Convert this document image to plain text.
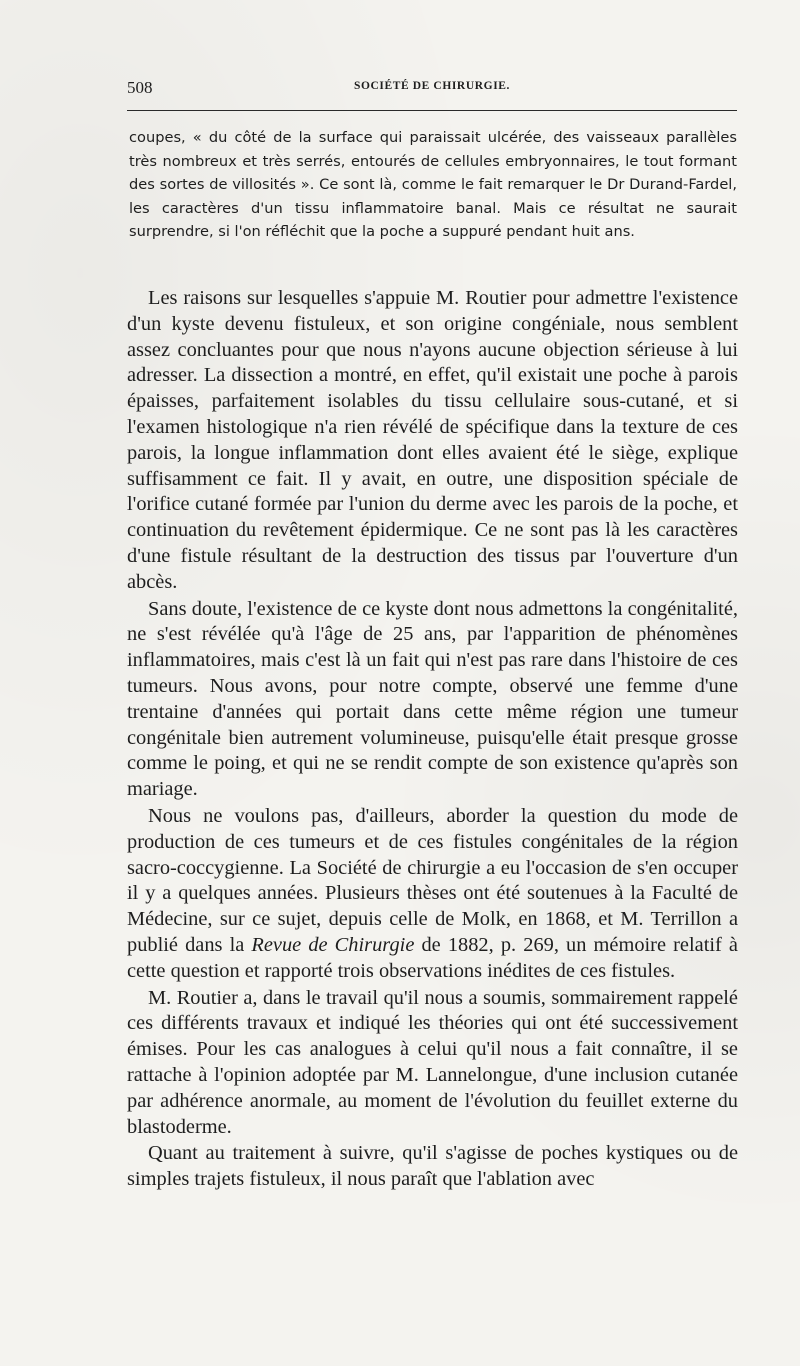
508	SOCIÉTÉ DE CHIRURGIE.

coupes, « du côté de la surface qui paraissait ulcérée, des vaisseaux parallèles très nombreux et très serrés, entourés de cellules embryonnaires, le tout formant des sortes de villosités ». Ce sont là, comme le fait remarquer le Dr Durand-Fardel, les caractères d'un tissu inflammatoire banal. Mais ce résultat ne saurait surprendre, si l'on réfléchit que la poche a suppuré pendant huit ans.

Les raisons sur lesquelles s'appuie M. Routier pour admettre l'existence d'un kyste devenu fistuleux, et son origine congéniale, nous semblent assez concluantes pour que nous n'ayons aucune objection sérieuse à lui adresser. La dissection a montré, en effet, qu'il existait une poche à parois épaisses, parfaitement isolables du tissu cellulaire sous-cutané, et si l'examen histologique n'a rien révélé de spécifique dans la texture de ces parois, la longue inflammation dont elles avaient été le siège, explique suffisamment ce fait. Il y avait, en outre, une disposition spéciale de l'orifice cutané formée par l'union du derme avec les parois de la poche, et continuation du revêtement épidermique. Ce ne sont pas là les caractères d'une fistule résultant de la destruction des tissus par l'ouverture d'un abcès.

Sans doute, l'existence de ce kyste dont nous admettons la congénitalité, ne s'est révélée qu'à l'âge de 25 ans, par l'apparition de phénomènes inflammatoires, mais c'est là un fait qui n'est pas rare dans l'histoire de ces tumeurs. Nous avons, pour notre compte, observé une femme d'une trentaine d'années qui portait dans cette même région une tumeur congénitale bien autrement volumineuse, puisqu'elle était presque grosse comme le poing, et qui ne se rendit compte de son existence qu'après son mariage.

Nous ne voulons pas, d'ailleurs, aborder la question du mode de production de ces tumeurs et de ces fistules congénitales de la région sacro-coccygienne. La Société de chirurgie a eu l'occasion de s'en occuper il y a quelques années. Plusieurs thèses ont été soutenues à la Faculté de Médecine, sur ce sujet, depuis celle de Molk, en 1868, et M. Terrillon a publié dans la Revue de Chirurgie de 1882, p. 269, un mémoire relatif à cette question et rapporté trois observations inédites de ces fistules.

M. Routier a, dans le travail qu'il nous a soumis, sommairement rappelé ces différents travaux et indiqué les théories qui ont été successivement émises. Pour les cas analogues à celui qu'il nous a fait connaître, il se rattache à l'opinion adoptée par M. Lannelongue, d'une inclusion cutanée par adhérence anormale, au moment de l'évolution du feuillet externe du blastoderme.

Quant au traitement à suivre, qu'il s'agisse de poches kystiques ou de simples trajets fistuleux, il nous paraît que l'ablation avec
